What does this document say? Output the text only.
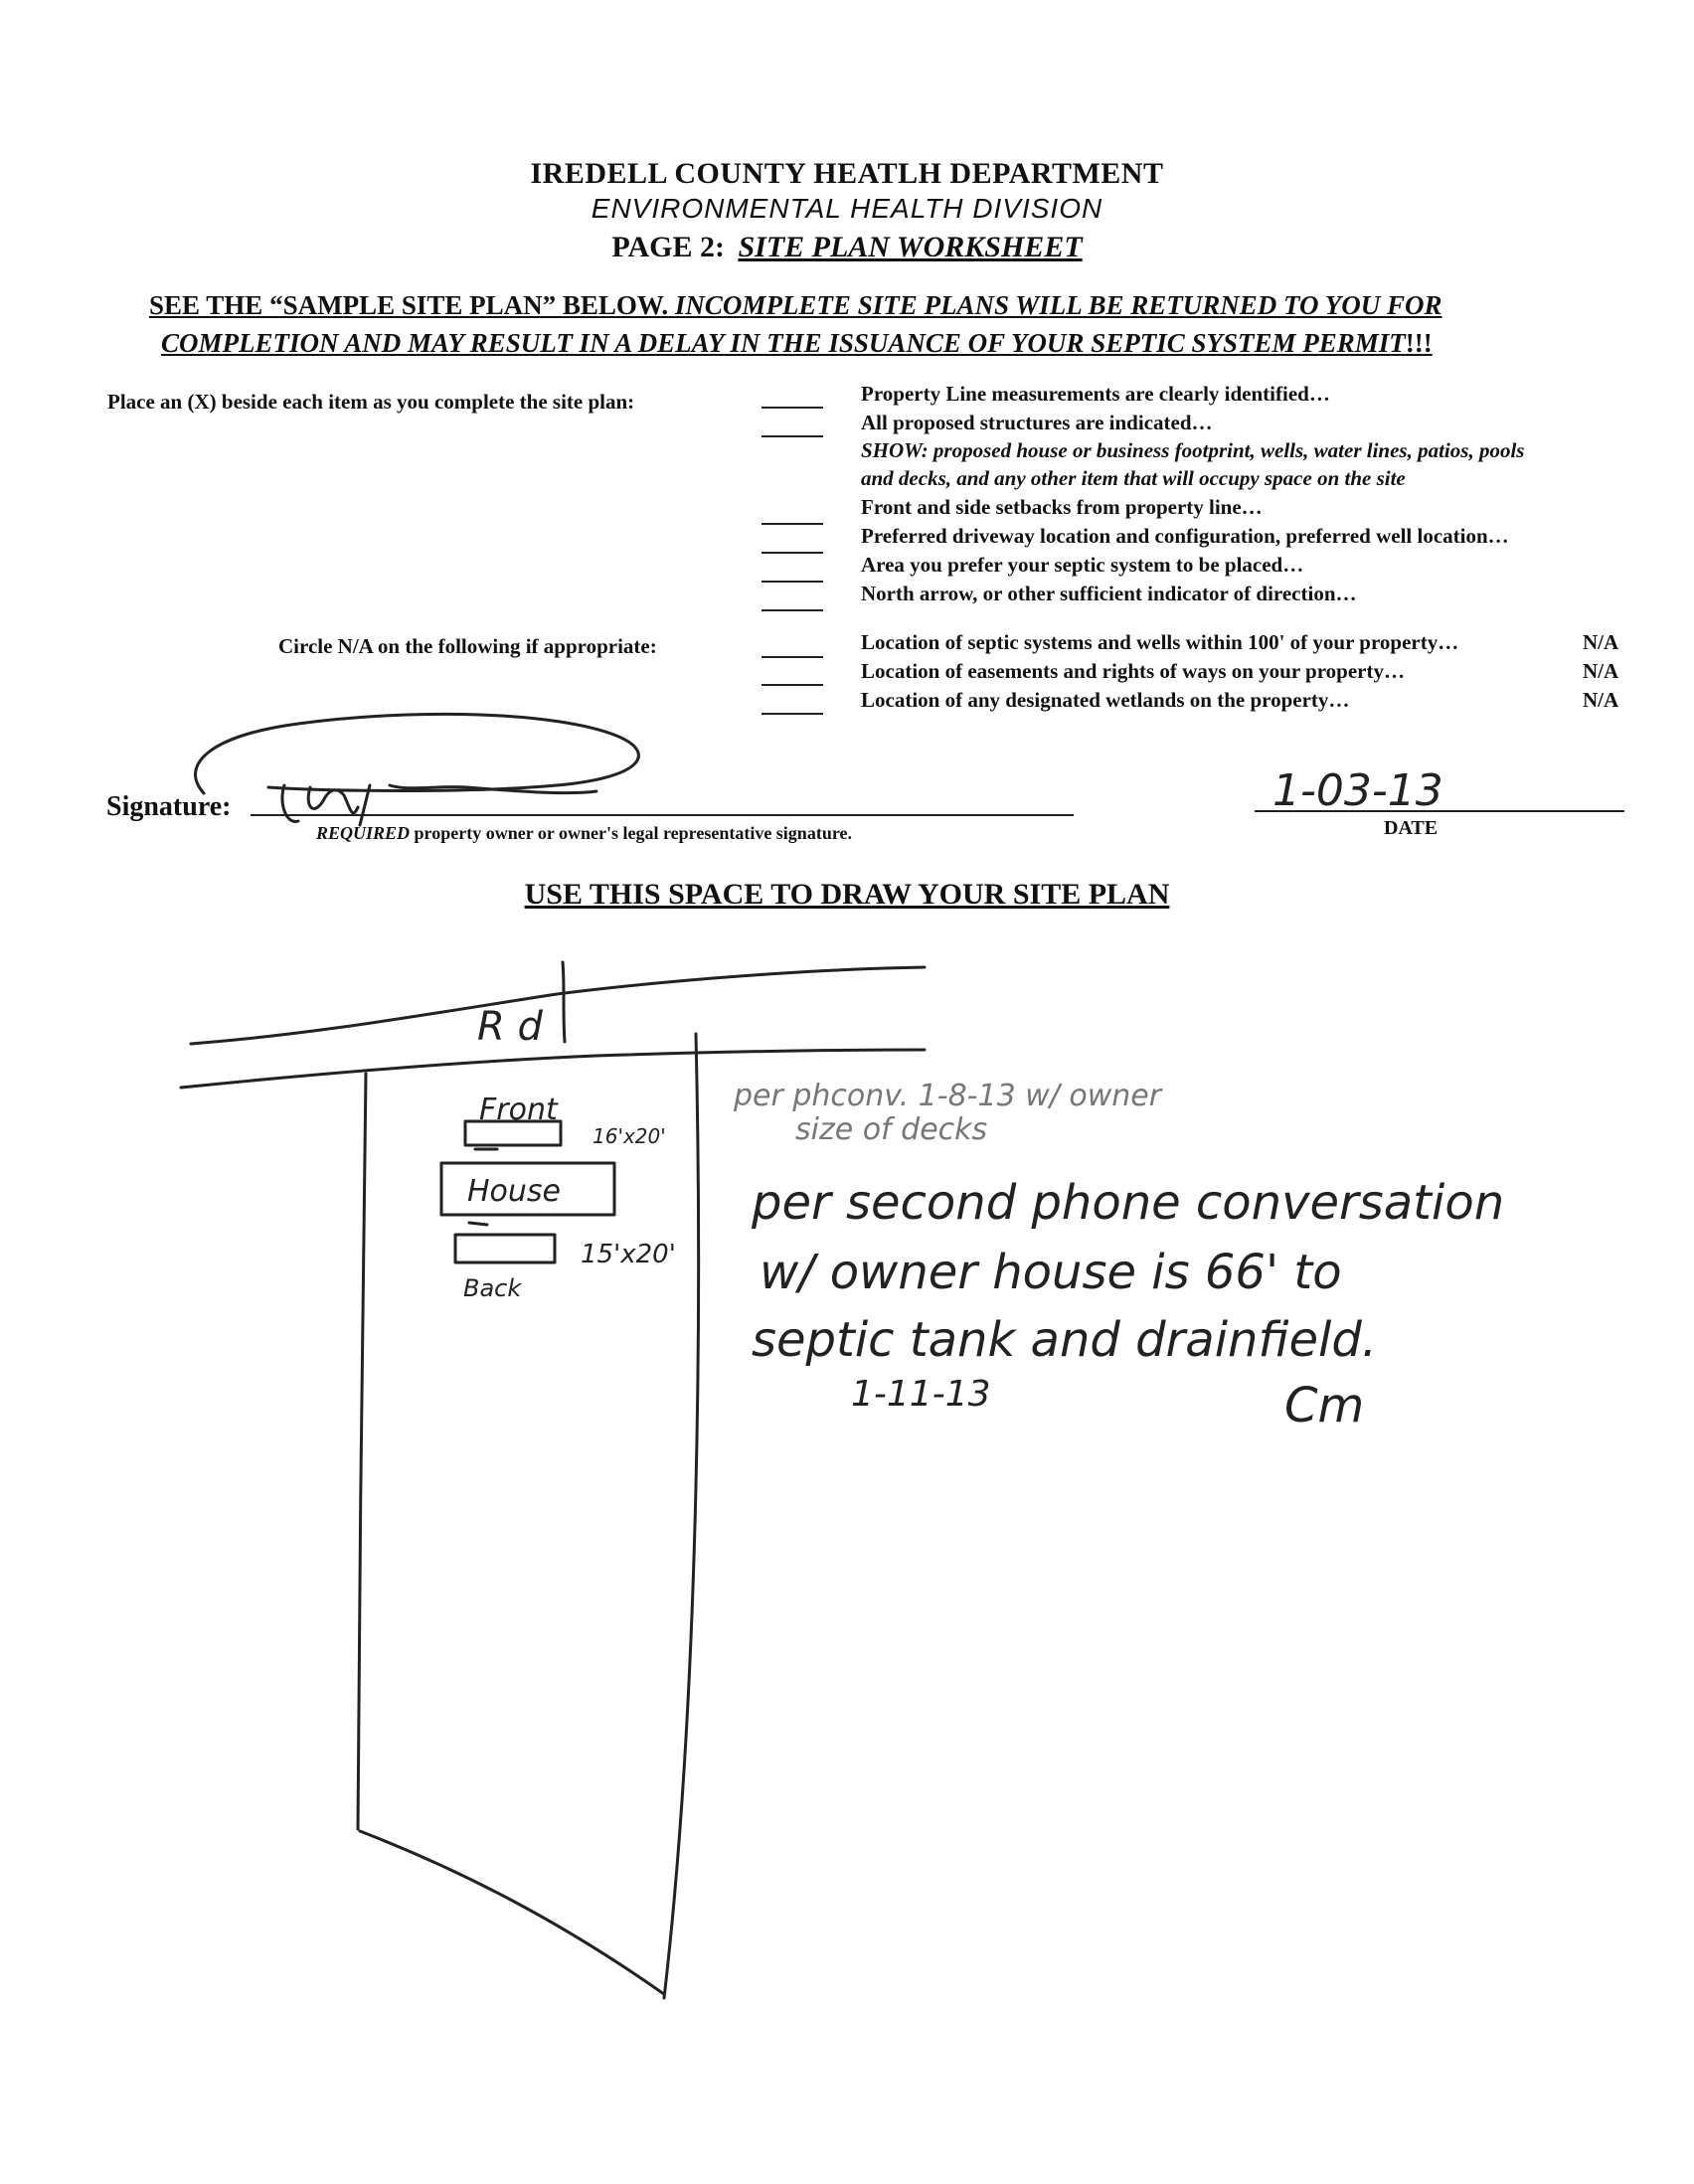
IREDELL COUNTY HEATLH DEPARTMENT
ENVIRONMENTAL HEALTH DIVISION
PAGE 2: SITE PLAN WORKSHEET
SEE THE “SAMPLE SITE PLAN” BELOW. INCOMPLETE SITE PLANS WILL BE RETURNED TO YOU FOR
COMPLETION AND MAY RESULT IN A DELAY IN THE ISSUANCE OF YOUR SEPTIC SYSTEM PERMIT!!!
Place an (X) beside each item as you complete the site plan:	Property Line measurements are clearly identified…
All proposed structures are indicated…
SHOW: proposed house or business footprint, wells, water lines, patios, pools
and decks, and any other item that will occupy space on the site
Front and side setbacks from property line…
Preferred driveway location and configuration, preferred well location…
Area you prefer your septic system to be placed…
North arrow, or other sufficient indicator of direction…
Circle N/A on the following if appropriate:	Location of septic systems and wells within 100' of your property…	N/A
Location of easements and rights of ways on your property…	N/A
Location of any designated wetlands on the property…	N/A
Signature:
REQUIRED property owner or owner's legal representative signature.	DATE
USE THIS SPACE TO DRAW YOUR SITE PLAN
1-03-13
R d
Front
16'x20'
House
15'x20'
Back
per phconv. 1-8-13 w/ owner
size of decks
per second phone conversation
w/ owner house is 66' to
septic tank and drainfield.
1-11-13	Cm
